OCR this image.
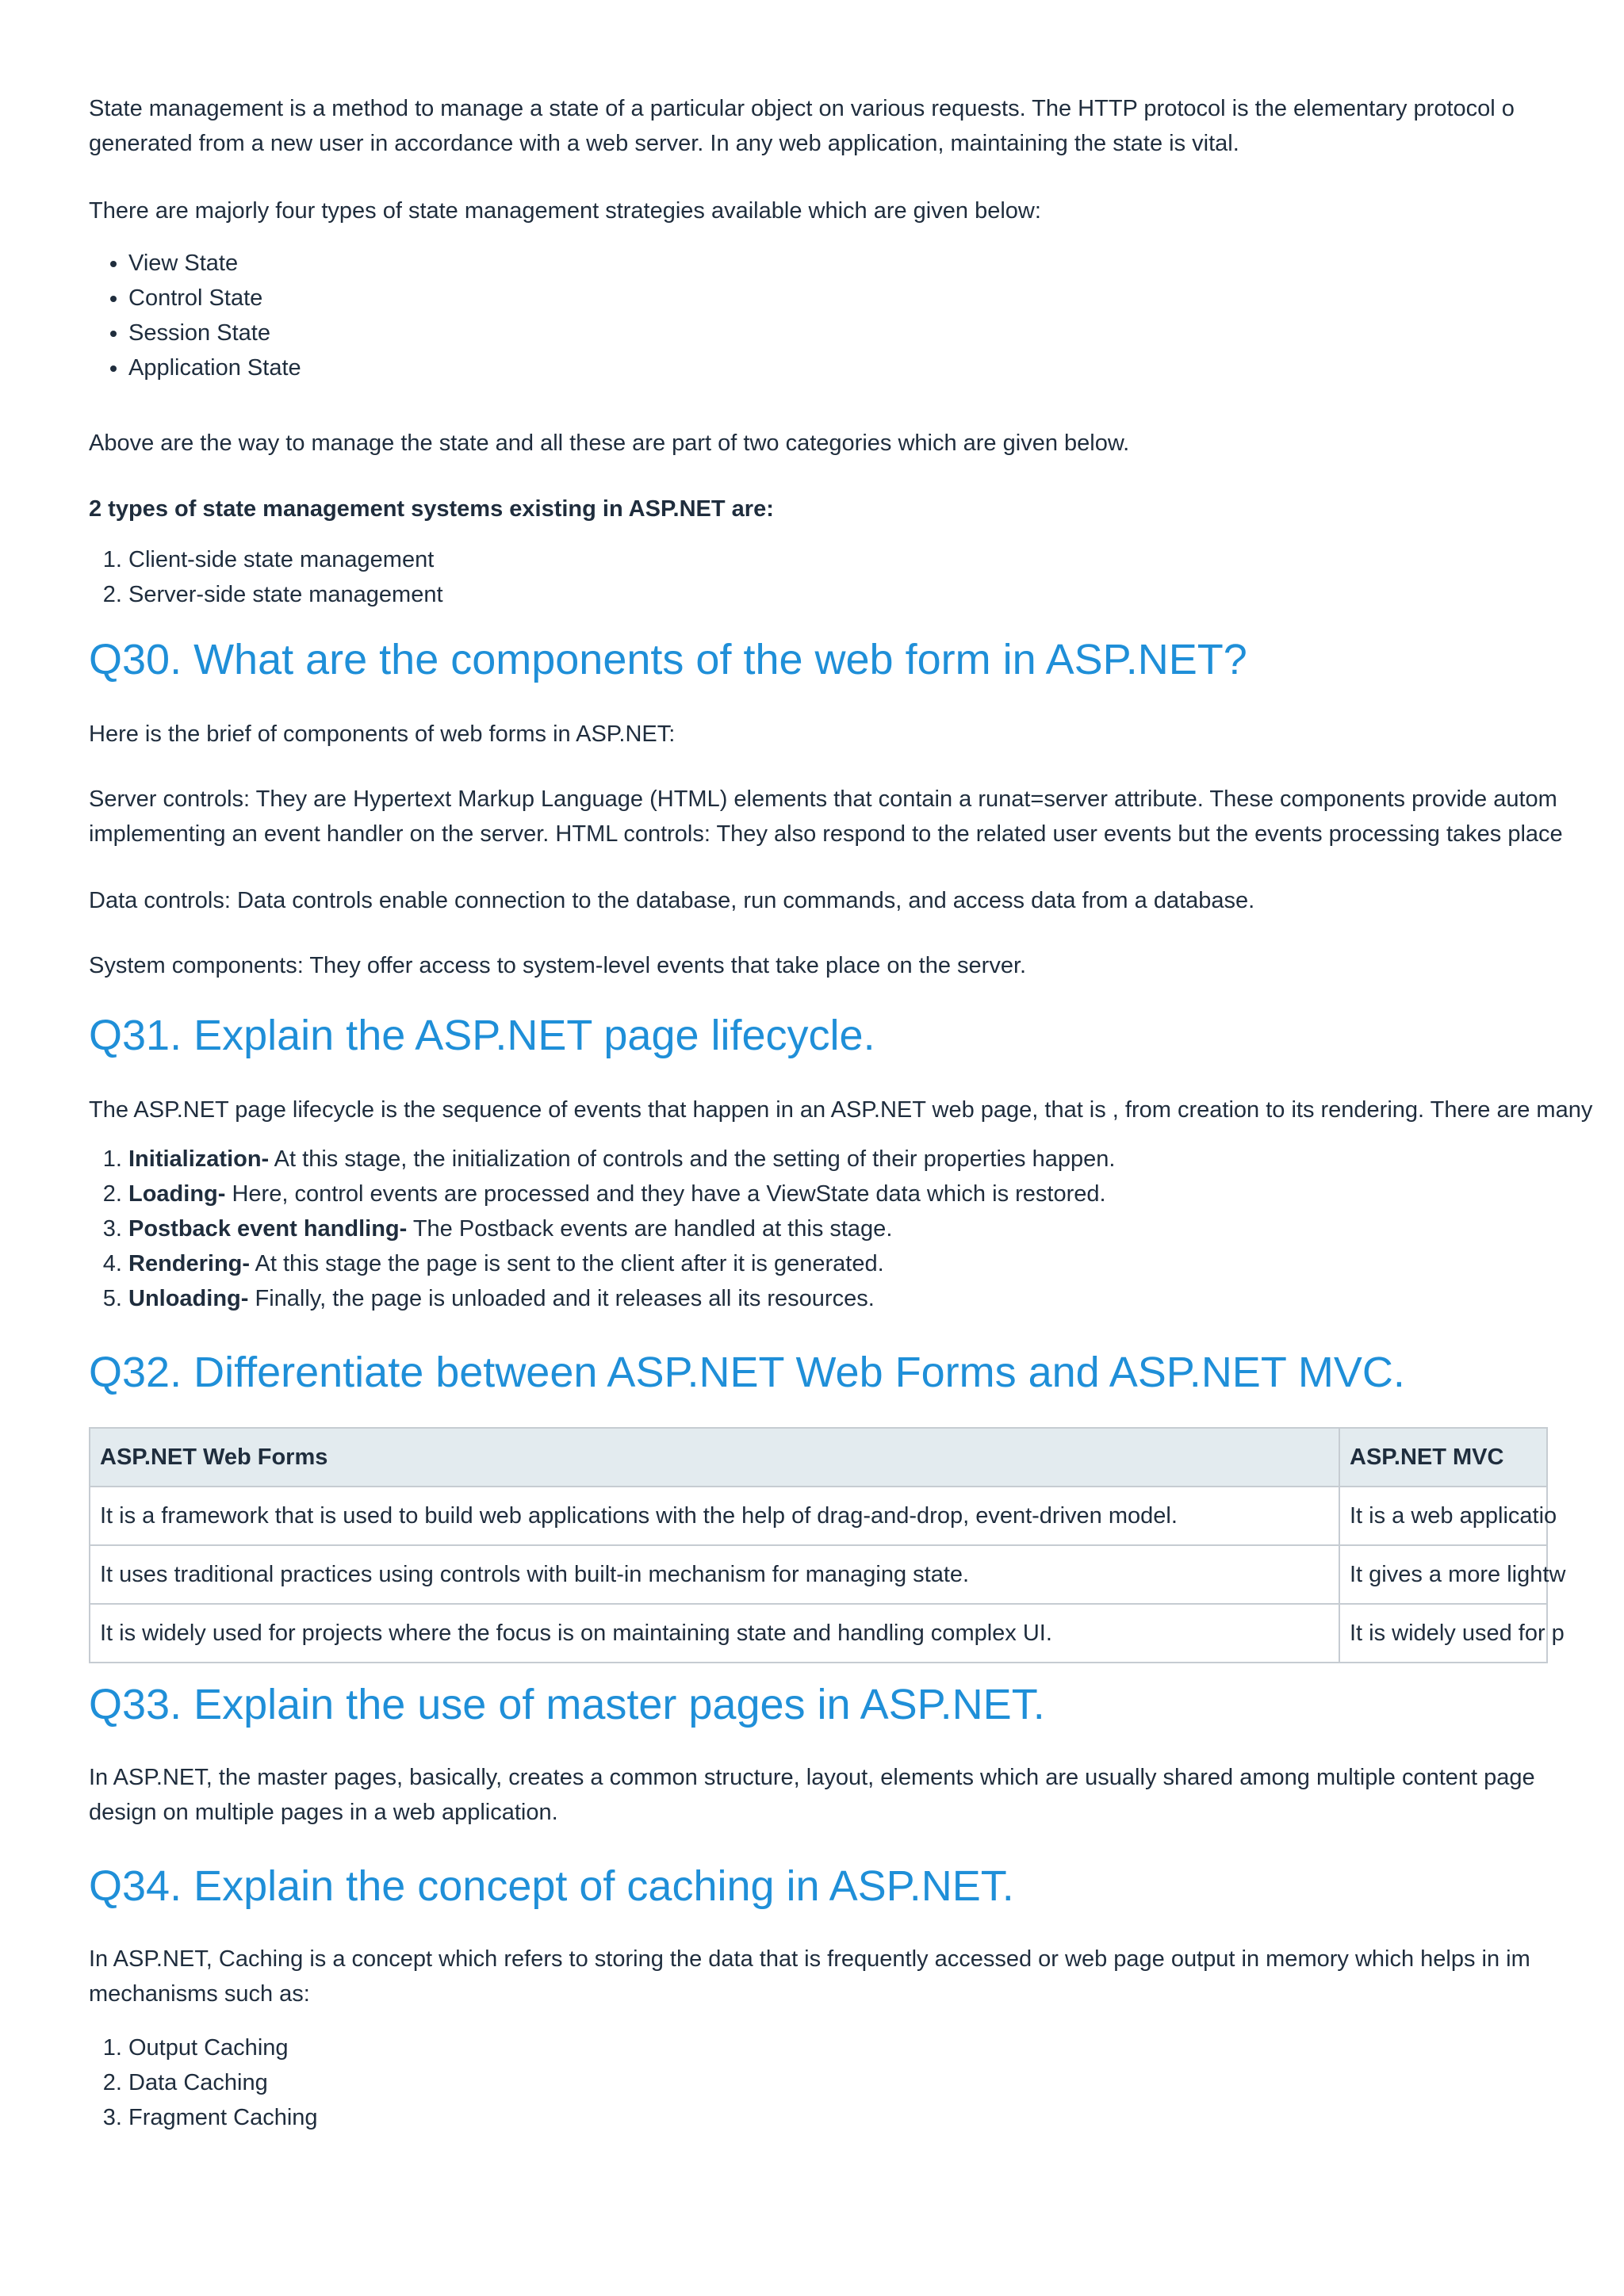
State management is a method to manage a state of a particular object on various requests. The HTTP protocol is the elementary protocol o
generated from a new user in accordance with a web server. In any web application, maintaining the state is vital.

There are majorly four types of state management strategies available which are given below:

• View State
• Control State
• Session State
• Application State

Above are the way to manage the state and all these are part of two categories which are given below.

2 types of state management systems existing in ASP.NET are:

1. Client-side state management
2. Server-side state management
Q30. What are the components of the web form in ASP.NET?

Here is the brief of components of web forms in ASP.NET:

Server controls: They are Hypertext Markup Language (HTML) elements that contain a runat=server attribute. These components provide autom
implementing an event handler on the server. HTML controls: They also respond to the related user events but the events processing takes place

Data controls: Data controls enable connection to the database, run commands, and access data from a database.

System components: They offer access to system-level events that take place on the server.

Q31. Explain the ASP.NET page lifecycle.

The ASP.NET page lifecycle is the sequence of events that happen in an ASP.NET web page, that is , from creation to its rendering. There are many

1. Initialization- At this stage, the initialization of controls and the setting of their properties happen.
2. Loading- Here, control events are processed and they have a ViewState data which is restored.
3. Postback event handling- The Postback events are handled at this stage.
4. Rendering- At this stage the page is sent to the client after it is generated.
5. Unloading- Finally, the page is unloaded and it releases all its resources.
Q32. Differentiate between ASP.NET Web Forms and ASP.NET MVC.
ASP.NET Web Forms	ASP.NET MVC
It is a framework that is used to build web applications with the help of drag-and-drop, event-driven model.	It is a web applicatio
It uses traditional practices using controls with built-in mechanism for managing state.	It gives a more lightw
It is widely used for projects where the focus is on maintaining state and handling complex UI.	It is widely used for p
Q33. Explain the use of master pages in ASP.NET.

In ASP.NET, the master pages, basically, creates a common structure, layout, elements which are usually shared among multiple content page
design on multiple pages in a web application.

Q34. Explain the concept of caching in ASP.NET.

In ASP.NET, Caching is a concept which refers to storing the data that is frequently accessed or web page output in memory which helps in im
mechanisms such as:

1. Output Caching
2. Data Caching
3. Fragment Caching
